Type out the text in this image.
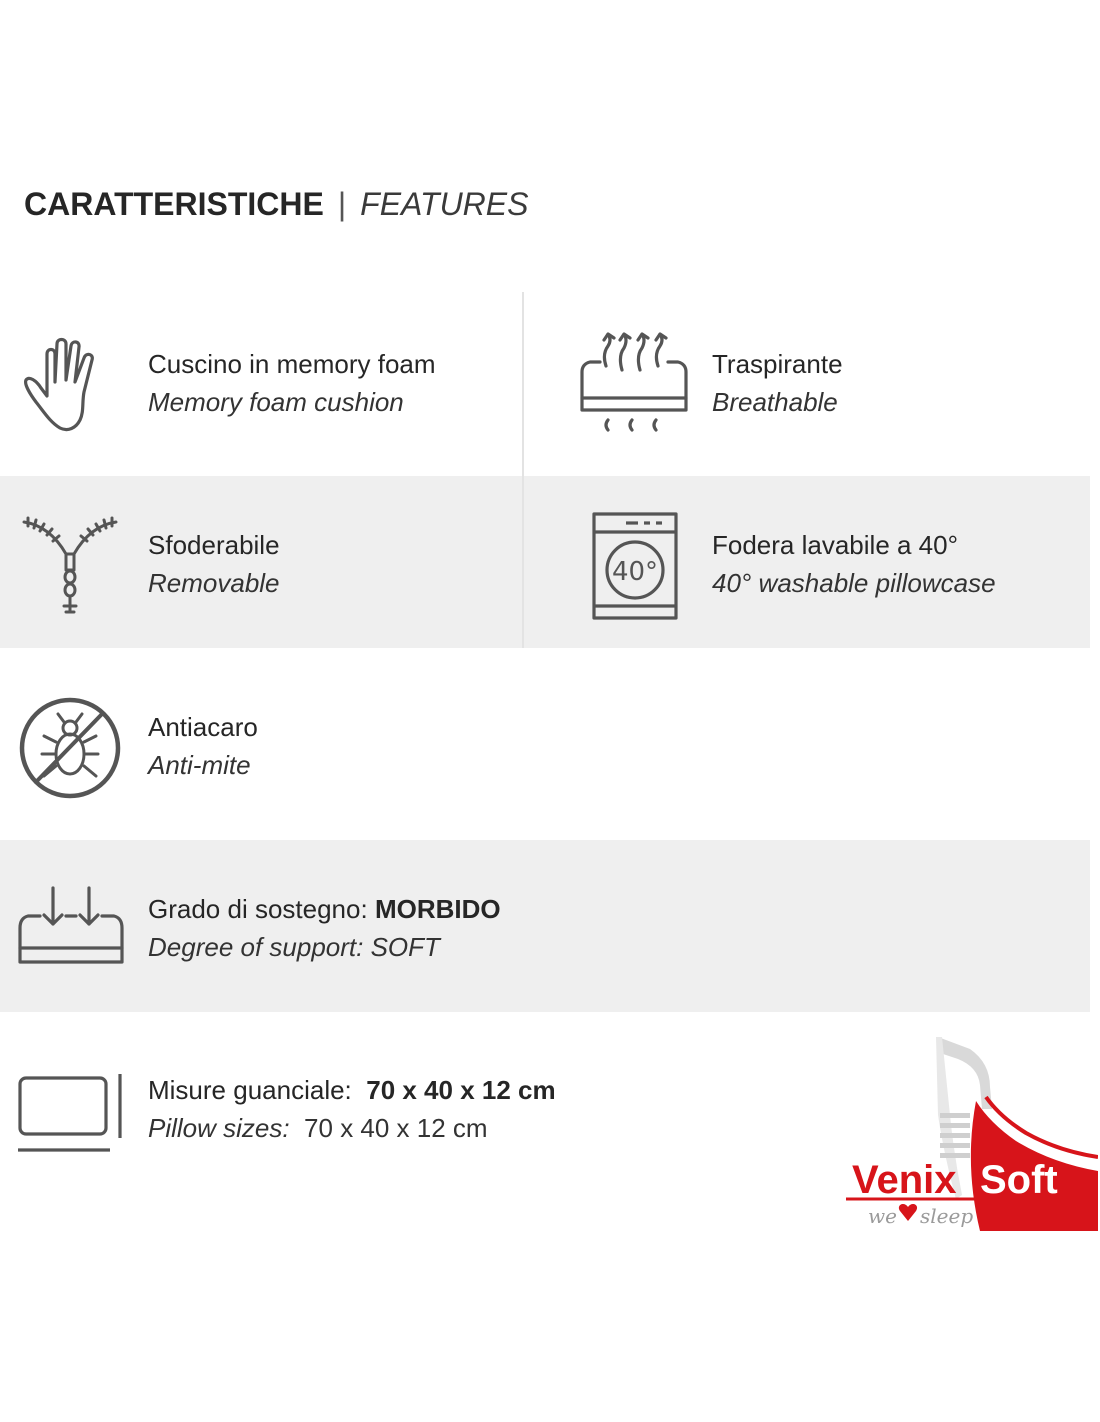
CARATTERISTICHE | FEATURES
Cuscino in memory foam
Memory foam cushion
Traspirante
Breathable
Sfoderabile
Removable	40°
Fodera lavabile a 40°
40° washable pillowcase
Antiacaro
Anti-mite
Grado di sostegno: MORBIDO
Degree of support: SOFT
Misure guanciale: 70 x 40 x 12 cm
Pillow sizes: 70 x 40 x 12 cm
Soft
Venix
we sleep
